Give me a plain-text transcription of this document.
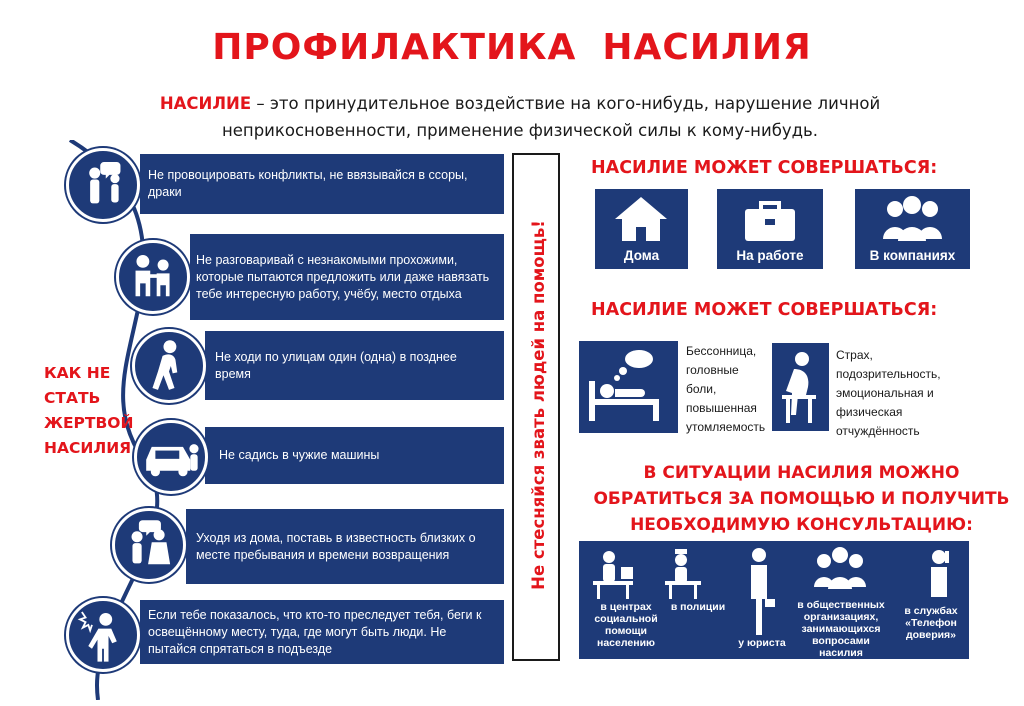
ПРОФИЛАКТИКА НАСИЛИЯ
НАСИЛИЕ – это принудительное воздействие на кого-нибудь, нарушение личной
неприкосновенности, применение физической силы к кому-нибудь.
Не провоцировать конфликты, не ввязывайся в ссоры, драки
Не разговаривай с незнакомыми прохожими, которые пытаются предложить или даже навязать тебе интересную работу, учёбу, место отдыха
Не ходи по улицам один (одна) в позднее время
Не садись в чужие машины
Уходя из дома, поставь в известность близких о месте пребывания и времени возвращения
Если тебе показалось, что кто-то преследует тебя, беги к освещённому месту, туда, где могут быть люди. Не пытайся спрятаться в подъезде
КАК НЕ
СТАТЬ
ЖЕРТВОЙ
НАСИЛИЯ	Не стесняйся звать людей на помощь!
НАСИЛИЕ МОЖЕТ СОВЕРШАТЬСЯ:
Дома	На работе	В компаниях
НАСИЛИЕ МОЖЕТ СОВЕРШАТЬСЯ:
Бессонница,
головные
боли,
повышенная
утомляемость
Страх,
подозрительность,
эмоциональная и
физическая
отчуждённость
В СИТУАЦИИ НАСИЛИЯ МОЖНО
ОБРАТИТЬСЯ ЗА ПОМОЩЬЮ И ПОЛУЧИТЬ
НЕОБХОДИМУЮ КОНСУЛЬТАЦИЮ:
в центрах
социальной
помощи
населению
в полиции
у юриста
в общественных
организациях,
занимающихся
вопросами
насилия
в службах
«Телефон
доверия»
